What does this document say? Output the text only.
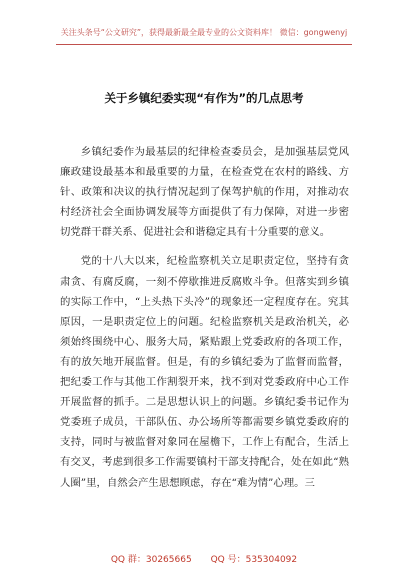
关注头条号“公文研究”，获得最新最全最专业的公文资料库！ 微信：gongwenyj
关于乡镇纪委实现“有作为”的几点思考

乡镇纪委作为最基层的纪律检查委员会，是加强基层党风廉政建设最基本和最重要的力量，在检查党在农村的路线、方针、政策和决议的执行情况起到了保驾护航的作用，对推动农村经济社会全面协调发展等方面提供了有力保障，对进一步密切党群干群关系、促进社会和谐稳定具有十分重要的意义。

党的十八大以来，纪检监察机关立足职责定位，坚持有贪肃贪、有腐反腐，一刻不停歇推进反腐败斗争。但落实到乡镇的实际工作中，“上头热下头冷”的现象还一定程度存在。究其原因，一是职责定位上的问题。纪检监察机关是政治机关，必须始终围绕中心、服务大局，紧贴跟上党委政府的各项工作，有的放矢地开展监督。但是，有的乡镇纪委为了监督而监督，把纪委工作与其他工作割裂开来，找不到对党委政府中心工作开展监督的抓手。二是思想认识上的问题。乡镇纪委书记作为党委班子成员，干部队伍、办公场所等都需要乡镇党委政府的支持，同时与被监督对象同在屋檐下，工作上有配合，生活上有交叉，考虑到很多工作需要镇村干部支持配合，处在如此“熟人圈”里，自然会产生思想顾虑，存在“难为情”心理。三

QQ 群：30265665 QQ 号：535304092
